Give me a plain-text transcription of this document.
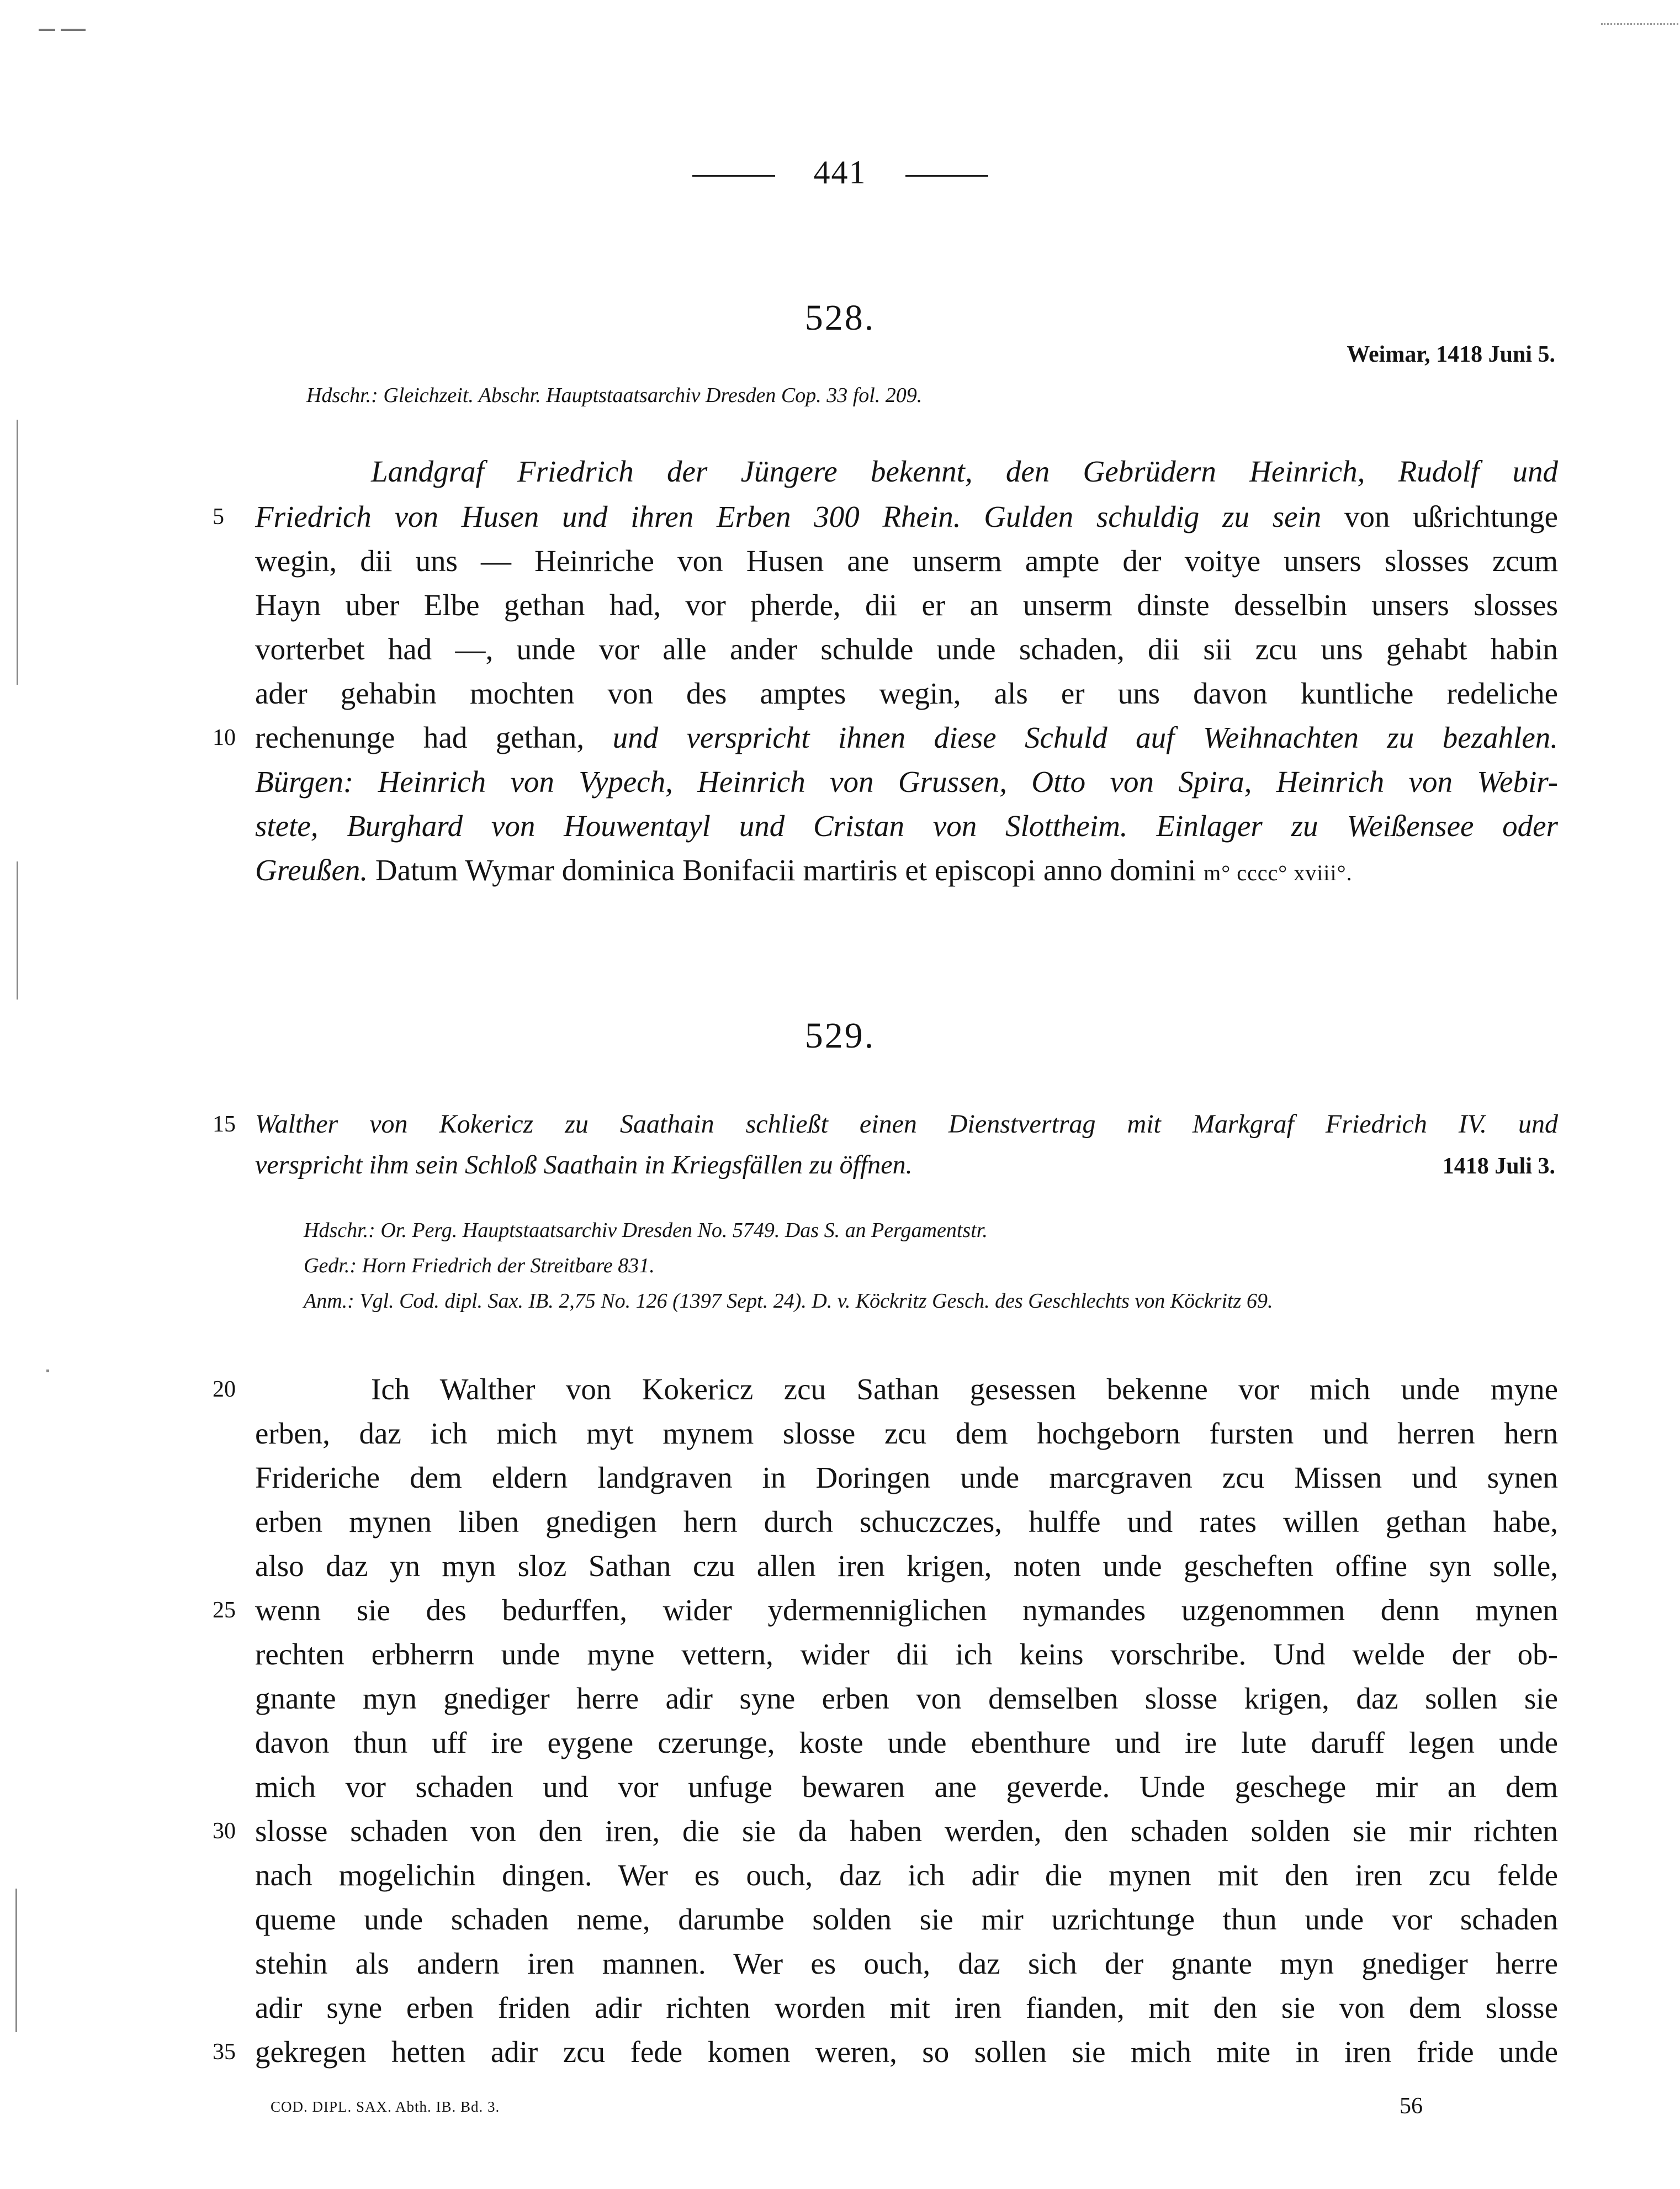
441
528.
Weimar, 1418 Juni 5.
Hdschr.: Gleichzeit. Abschr. Hauptstaatsarchiv Dresden Cop. 33 fol. 209.
Landgraf Friedrich der Jüngere bekennt, den Gebrüdern Heinrich, Rudolf und
5 Friedrich von Husen und ihren Erben 300 Rhein. Gulden schuldig zu sein von ußrichtunge
wegin, dii uns — Heinriche von Husen ane unserm ampte der voitye unsers slosses zcum
Hayn uber Elbe gethan had, vor pherde, dii er an unserm dinste desselbin unsers slosses
vorterbet had —, unde vor alle ander schulde unde schaden, dii sii zcu uns gehabt habin
ader gehabin mochten von des amptes wegin, als er uns davon kuntliche redeliche
10 rechenunge had gethan, und verspricht ihnen diese Schuld auf Weihnachten zu bezahlen.
Bürgen: Heinrich von Vypech, Heinrich von Grussen, Otto von Spira, Heinrich von Webir-
stete, Burghard von Houwentayl und Cristan von Slottheim. Einlager zu Weißensee oder
Greußen. Datum Wymar dominica Bonifacii martiris et episcopi anno domini m° cccc° xviii°.
529.
15 Walther von Kokericz zu Saathain schließt einen Dienstvertrag mit Markgraf Friedrich IV. und
verspricht ihm sein Schloß Saathain in Kriegsfällen zu öffnen.	1418 Juli 3.
Hdschr.: Or. Perg. Hauptstaatsarchiv Dresden No. 5749. Das S. an Pergamentstr.
Gedr.: Horn Friedrich der Streitbare 831.
Anm.: Vgl. Cod. dipl. Sax. IB. 2,75 No. 126 (1397 Sept. 24). D. v. Köckritz Gesch. des Geschlechts von Köckritz 69.
20	Ich Walther von Kokericz zcu Sathan gesessen bekenne vor mich unde myne
erben, daz ich mich myt mynem slosse zcu dem hochgeborn fursten und herren hern
Frideriche dem eldern landgraven in Doringen unde marcgraven zcu Missen und synen
erben mynen liben gnedigen hern durch schuczczes, hulffe und rates willen gethan habe,
also daz yn myn sloz Sathan czu allen iren krigen, noten unde gescheften offine syn solle,
25 wenn sie des bedurffen, wider ydermenniglichen nymandes uzgenommen denn mynen
rechten erbherrn unde myne vettern, wider dii ich keins vorschribe. Und welde der ob-
gnante myn gnediger herre adir syne erben von demselben slosse krigen, daz sollen sie
davon thun uff ire eygene czerunge, koste unde ebenthure und ire lute daruff legen unde
mich vor schaden und vor unfuge bewaren ane geverde. Unde geschege mir an dem
30 slosse schaden von den iren, die sie da haben werden, den schaden solden sie mir richten
nach mogelichin dingen. Wer es ouch, daz ich adir die mynen mit den iren zcu felde
queme unde schaden neme, darumbe solden sie mir uzrichtunge thun unde vor schaden
stehin als andern iren mannen. Wer es ouch, daz sich der gnante myn gnediger herre
adir syne erben friden adir richten worden mit iren fianden, mit den sie von dem slosse
35 gekregen hetten adir zcu fede komen weren, so sollen sie mich mite in iren fride unde
COD. DIPL. SAX. Abth. IB. Bd. 3.	56
